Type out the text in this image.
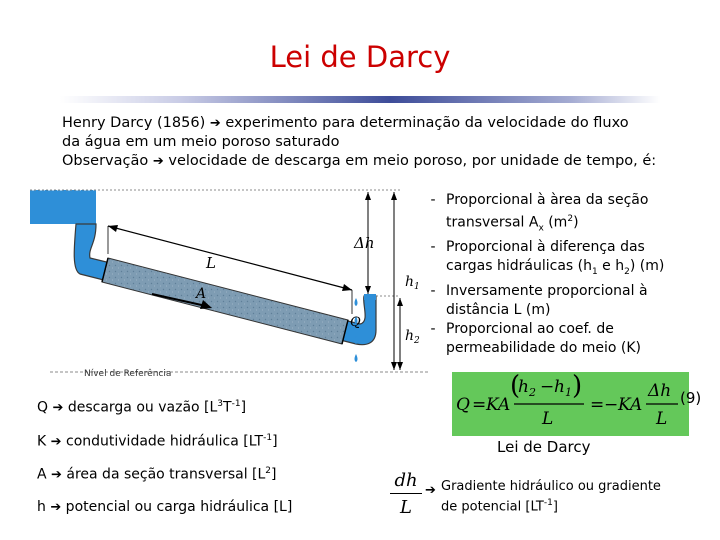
Lei de Darcy
Henry Darcy (1856) ➔ experimento para determinação da velocidade do fluxo
da água em um meio poroso saturado
Observação ➔ velocidade de descarga em meio poroso, por unidade de tempo, é:
Δh
L
A
Q
$h_1$
$h_2$
Nível de Referência
- Proporcional à àrea da seção
transversal $A_x$ $(m^2)$
- Proporcional à diferença das
cargas hidráulicas ($h_1$ e $h_2$) (m)
- Inversamente proporcional à
distância L (m)
- Proporcional ao coef. de
permeabilidade do meio (K)
Q = KA
(
$h_2 - h_1$ )
L
= − KA
Δh
L
(9)
Lei de Darcy
Q ➔ descarga ou vazão $[L^3T^{-1}]$
K ➔ condutividade hidráulica $[LT^{-1}]$
A ➔ área da seção transversal $[L^2]$
h ➔ potencial ou carga hidráulica [L]	$\frac{dh}{L}$ ➔ Gradiente hidráulico ou gradiente
de potencial $[LT^{-1}]$
